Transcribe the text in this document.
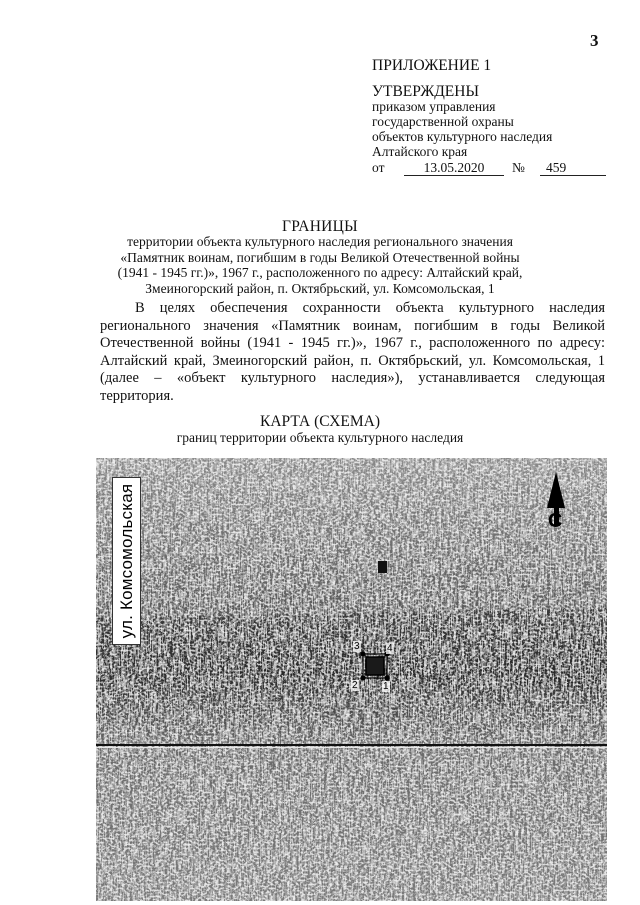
3
ПРИЛОЖЕНИЕ 1
УТВЕРЖДЕНЫ
приказом управления
государственной охраны
объектов культурного наследия
Алтайского края
от	13.05.2020	№	459
ГРАНИЦЫ
территории объекта культурного наследия регионального значения
«Памятник воинам, погибшим в годы Великой Отечественной войны
(1941 - 1945 гг.)», 1967 г., расположенного по адресу: Алтайский край,
Змеиногорский район, п. Октябрьский, ул. Комсомольская, 1
В целях обеспечения сохранности объекта культурного наследия регионального значения «Памятник воинам, погибшим в годы Великой Отечественной войны (1941 - 1945 гг.)», 1967 г., расположенного по адресу: Алтайский край, Змеиногорский район, п. Октябрьский, ул. Комсомольская, 1 (далее – «объект культурного наследия»), устанавливается следующая территория.
КАРТА (СХЕМА)
границ территории объекта культурного наследия
С
1
2
3	4
ул. Комсомольская
